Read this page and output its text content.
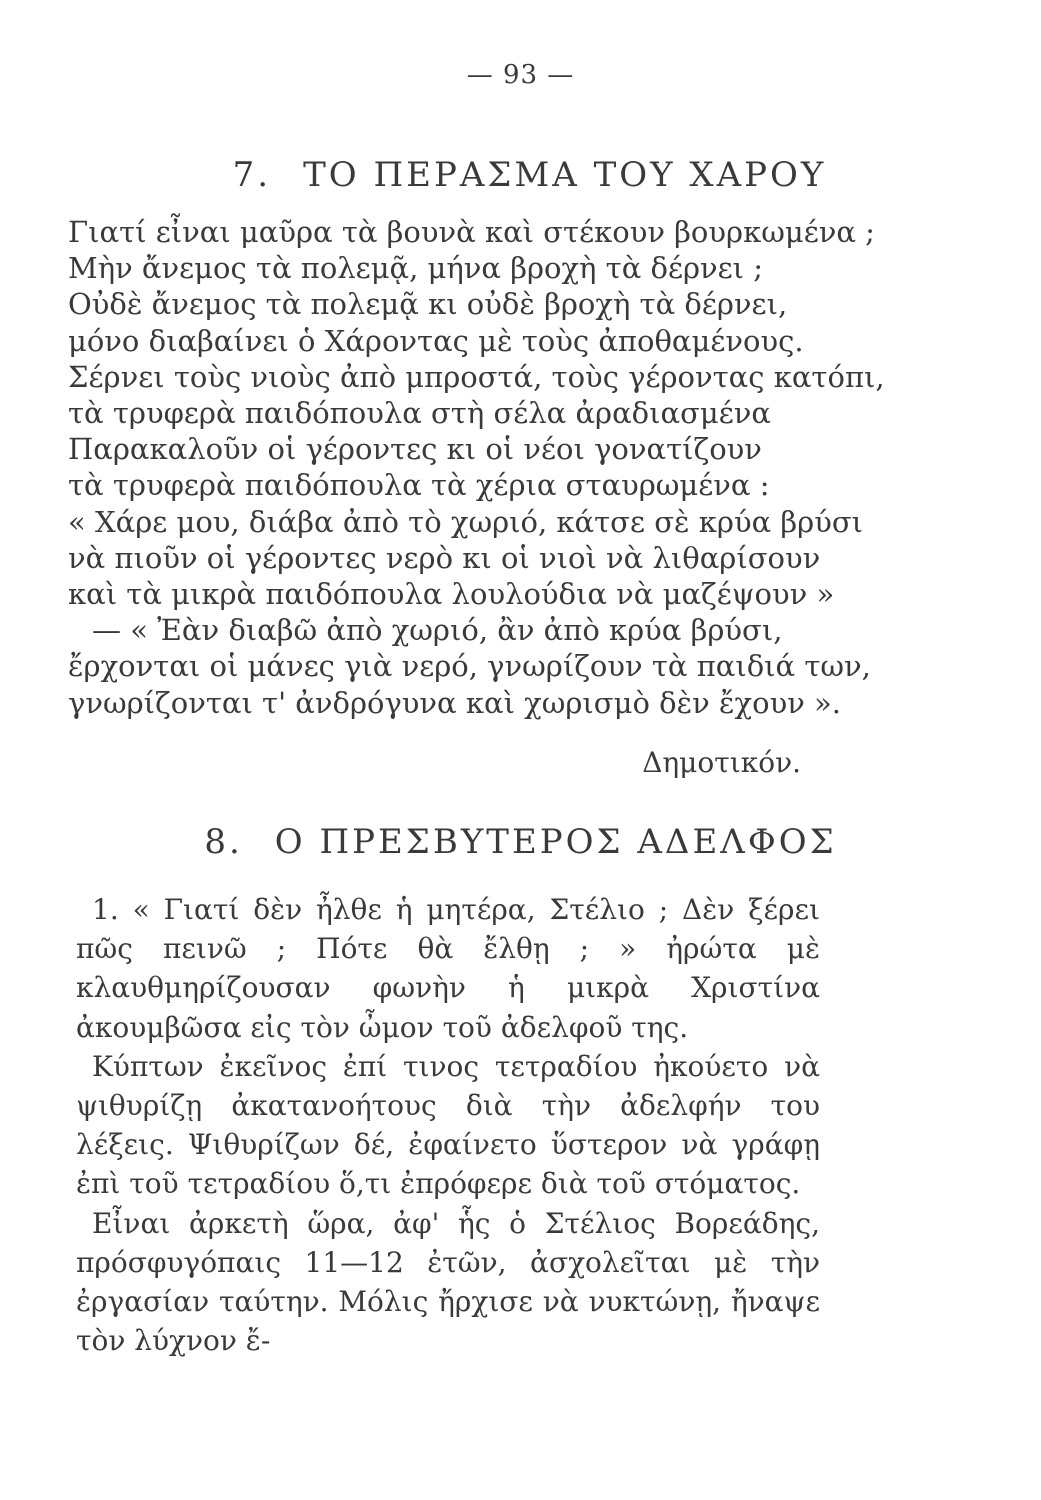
— 93 —
7. ΤΟ ΠΕΡΑΣΜΑ ΤΟΥ ΧΑΡΟΥ
Γιατί εἶναι μαῦρα τὰ βουνὰ καὶ στέκουν βουρκωμένα ;
Μὴν ἄνεμος τὰ πολεμᾷ, μήνα βροχὴ τὰ δέρνει ;
Οὐδὲ ἄνεμος τὰ πολεμᾷ κι οὐδὲ βροχὴ τὰ δέρνει,
μόνο διαβαίνει ὁ Χάροντας μὲ τοὺς ἀποθαμένους.
Σέρνει τοὺς νιοὺς ἀπὸ μπροστά, τοὺς γέροντας κατόπι,
τὰ τρυφερὰ παιδόπουλα στὴ σέλα ἀραδιασμένα
Παρακαλοῦν οἱ γέροντες κι οἱ νέοι γονατίζουν
τὰ τρυφερὰ παιδόπουλα τὰ χέρια σταυρωμένα :
« Χάρε μου, διάβα ἀπὸ τὸ χωριό, κάτσε σὲ κρύα βρύσι
νὰ πιοῦν οἱ γέροντες νερὸ κι οἱ νιοὶ νὰ λιθαρίσουν
καὶ τὰ μικρὰ παιδόπουλα λουλούδια νὰ μαζέψουν »
— « Ἐὰν διαβῶ ἀπὸ χωριό, ἂν ἀπὸ κρύα βρύσι,
ἔρχονται οἱ μάνες γιὰ νερό, γνωρίζουν τὰ παιδιά των,
γνωρίζονται τ' ἀνδρόγυνα καὶ χωρισμὸ δὲν ἔχουν ».
Δημοτικόν.
8. Ο ΠΡΕΣΒΥΤΕΡΟΣ ΑΔΕΛΦΟΣ

1. « Γιατί δὲν ἦλθε ἡ μητέρα, Στέλιο ; Δὲν ξέρει πῶς πεινῶ ; Πότε θὰ ἔλθῃ ; » ἠρώτα μὲ κλαυθμηρίζουσαν φωνὴν ἡ μικρὰ Χριστίνα ἀκουμβῶσα εἰς τὸν ὦμον τοῦ ἀδελφοῦ της.

Κύπτων ἐκεῖνος ἐπί τινος τετραδίου ἠκούετο νὰ ψιθυρίζῃ ἀκατανοήτους διὰ τὴν ἀδελφήν του λέξεις. Ψιθυρίζων δέ, ἐφαίνετο ὕστερον νὰ γράφῃ ἐπὶ τοῦ τετραδίου ὅ,τι ἐπρόφερε διὰ τοῦ στόματος.

Εἶναι ἀρκετὴ ὥρα, ἀφ' ἧς ὁ Στέλιος Βορεάδης, πρόσφυγόπαις 11—12 ἐτῶν, ἀσχολεῖται μὲ τὴν ἐργασίαν ταύτην. Μόλις ἤρχισε νὰ νυκτώνῃ, ἤναψε τὸν λύχνον ἔ-
